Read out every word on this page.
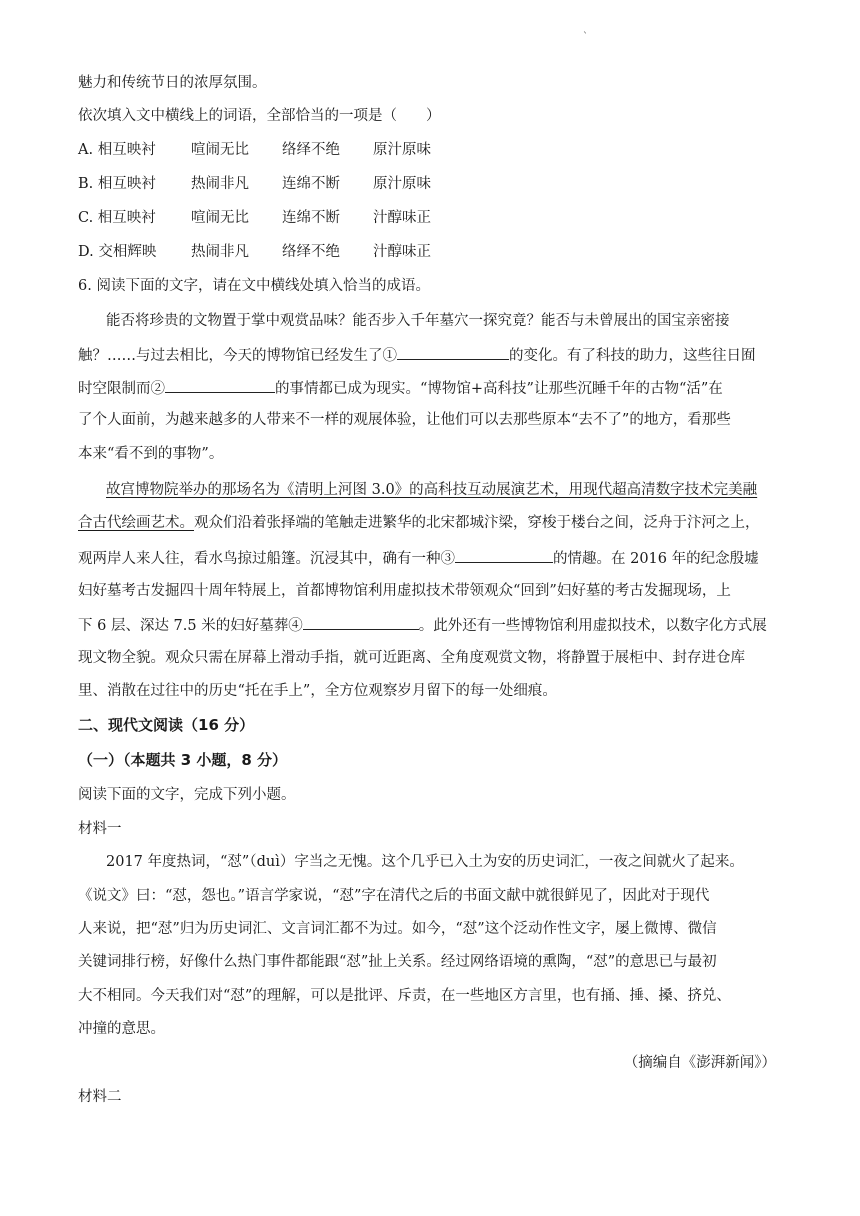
`
魅力和传统节日的浓厚氛围。
依次填入文中横线上的词语，全部恰当的一项是（　　）
A. 相互映衬 喧闹无比 络绎不绝 原汁原味
B. 相互映衬 热闹非凡 连绵不断 原汁原味
C. 相互映衬 喧闹无比 连绵不断 汁醇味正
D. 交相辉映 热闹非凡 络绎不绝 汁醇味正
6. 阅读下面的文字，请在文中横线处填入恰当的成语。
能否将珍贵的文物置于掌中观赏品味？能否步入千年墓穴一探究竟？能否与未曾展出的国宝亲密接
触？……与过去相比，今天的博物馆已经发生了①	的变化。有了科技的助力，这些往日囿
时空限制而②	的事情都已成为现实。“博物馆+高科技”让那些沉睡千年的古物“活”在
了个人面前，为越来越多的人带来不一样的观展体验，让他们可以去那些原本“去不了”的地方，看那些
本来“看不到的事物”。
故宫博物院举办的那场名为《清明上河图 3.0》的高科技互动展演艺术，用现代超高清数字技术完美融
合古代绘画艺术。观众们沿着张择端的笔触走进繁华的北宋都城汴梁，穿梭于楼台之间，泛舟于汴河之上，
观两岸人来人往，看水鸟掠过船篷。沉浸其中，确有一种③	的情趣。在 2016 年的纪念殷墟
妇好墓考古发掘四十周年特展上，首都博物馆利用虚拟技术带领观众“回到”妇好墓的考古发掘现场，上
下 6 层、深达 7.5 米的妇好墓葬④	。此外还有一些博物馆利用虚拟技术，以数字化方式展
现文物全貌。观众只需在屏幕上滑动手指，就可近距离、全角度观赏文物，将静置于展柜中、封存进仓库
里、消散在过往中的历史“托在手上”，全方位观察岁月留下的每一处细痕。
二、现代文阅读（16 分）
（一）（本题共 3 小题，8 分）
阅读下面的文字，完成下列小题。
材料一
2017 年度热词，“怼”（duì）字当之无愧。这个几乎已入土为安的历史词汇，一夜之间就火了起来。
《说文》曰：“怼，怨也。”语言学家说，“怼”字在清代之后的书面文献中就很鲜见了，因此对于现代
人来说，把“怼”归为历史词汇、文言词汇都不为过。如今，“怼”这个泛动作性文字，屡上微博、微信
关键词排行榜，好像什么热门事件都能跟“怼”扯上关系。经过网络语境的熏陶，“怼”的意思已与最初
大不相同。今天我们对“怼”的理解，可以是批评、斥责，在一些地区方言里，也有捅、捶、搡、挤兑、
冲撞的意思。
（摘编自《澎湃新闻》）
材料二
